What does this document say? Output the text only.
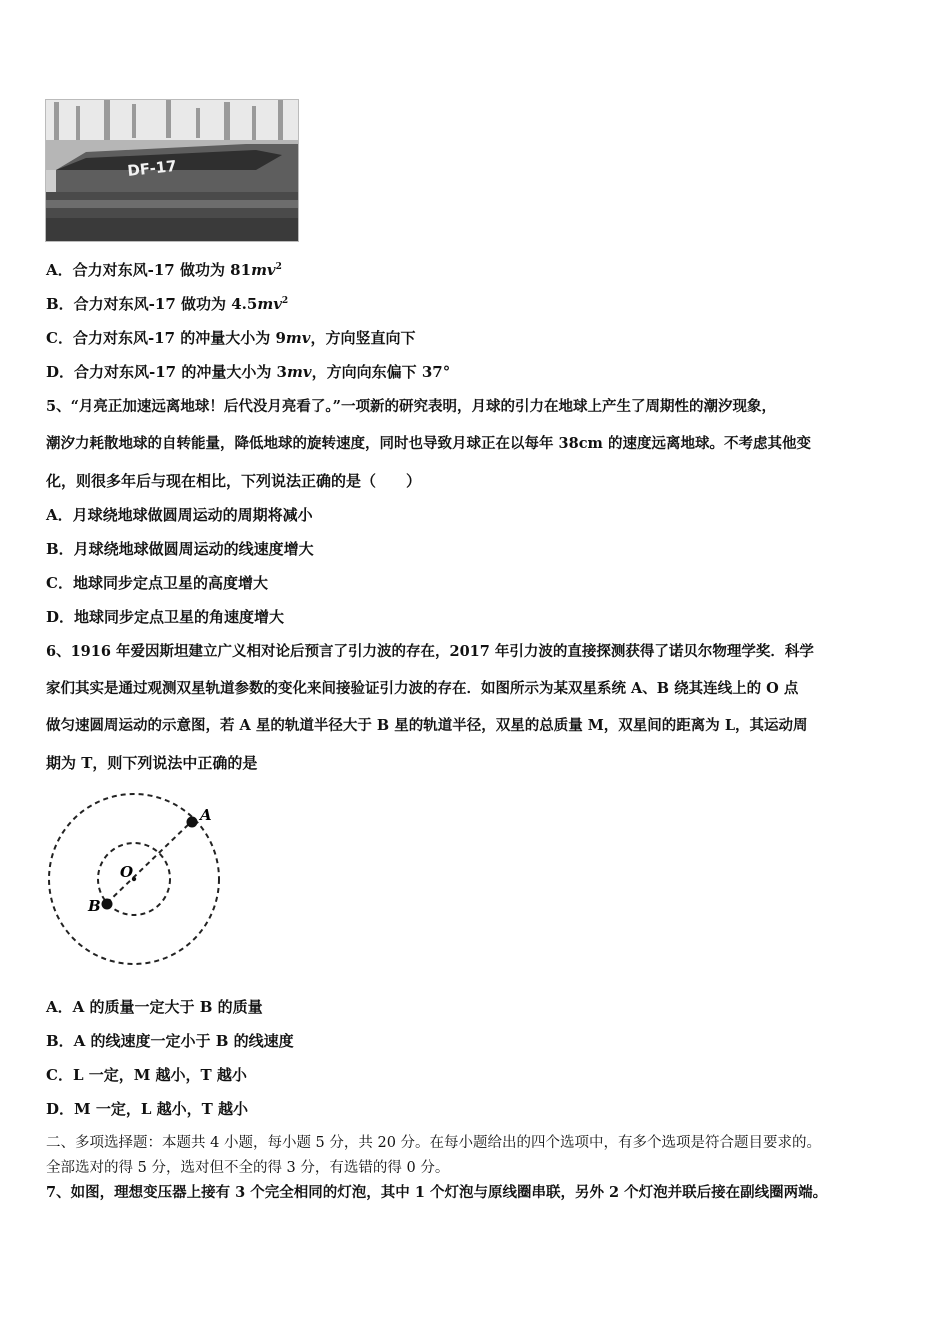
DF-17
A．合力对东风-17 做功为 $81mv^2$
B．合力对东风-17 做功为 $4.5mv^2$
C．合力对东风-17 的冲量大小为 9mv，方向竖直向下
D．合力对东风-17 的冲量大小为 3mv，方向向东偏下 37°
5、“月亮正加速远离地球！后代没月亮看了。”一项新的研究表明，月球的引力在地球上产生了周期性的潮汐现象，
潮汐力耗散地球的自转能量，降低地球的旋转速度，同时也导致月球正在以每年 38cm 的速度远离地球。不考虑其他变
化，则很多年后与现在相比，下列说法正确的是（　　）
A．月球绕地球做圆周运动的周期将减小
B．月球绕地球做圆周运动的线速度增大
C．地球同步定点卫星的高度增大
D．地球同步定点卫星的角速度增大
6、1916 年爱因斯坦建立广义相对论后预言了引力波的存在，2017 年引力波的直接探测获得了诺贝尔物理学奖．科学
家们其实是通过观测双星轨道参数的变化来间接验证引力波的存在．如图所示为某双星系统 A、B 绕其连线上的 O 点
做匀速圆周运动的示意图，若 A 星的轨道半径大于 B 星的轨道半径，双星的总质量 M，双星间的距离为 L，其运动周
期为 T，则下列说法中正确的是
A
O
B
A．A 的质量一定大于 B 的质量
B．A 的线速度一定小于 B 的线速度
C．L 一定，M 越小，T 越小
D．M 一定，L 越小，T 越小
二、多项选择题：本题共 4 小题，每小题 5 分，共 20 分。在每小题给出的四个选项中，有多个选项是符合题目要求的。
全部选对的得 5 分，选对但不全的得 3 分，有选错的得 0 分。
7、如图，理想变压器上接有 3 个完全相同的灯泡，其中 1 个灯泡与原线圈串联，另外 2 个灯泡并联后接在副线圈两端。
